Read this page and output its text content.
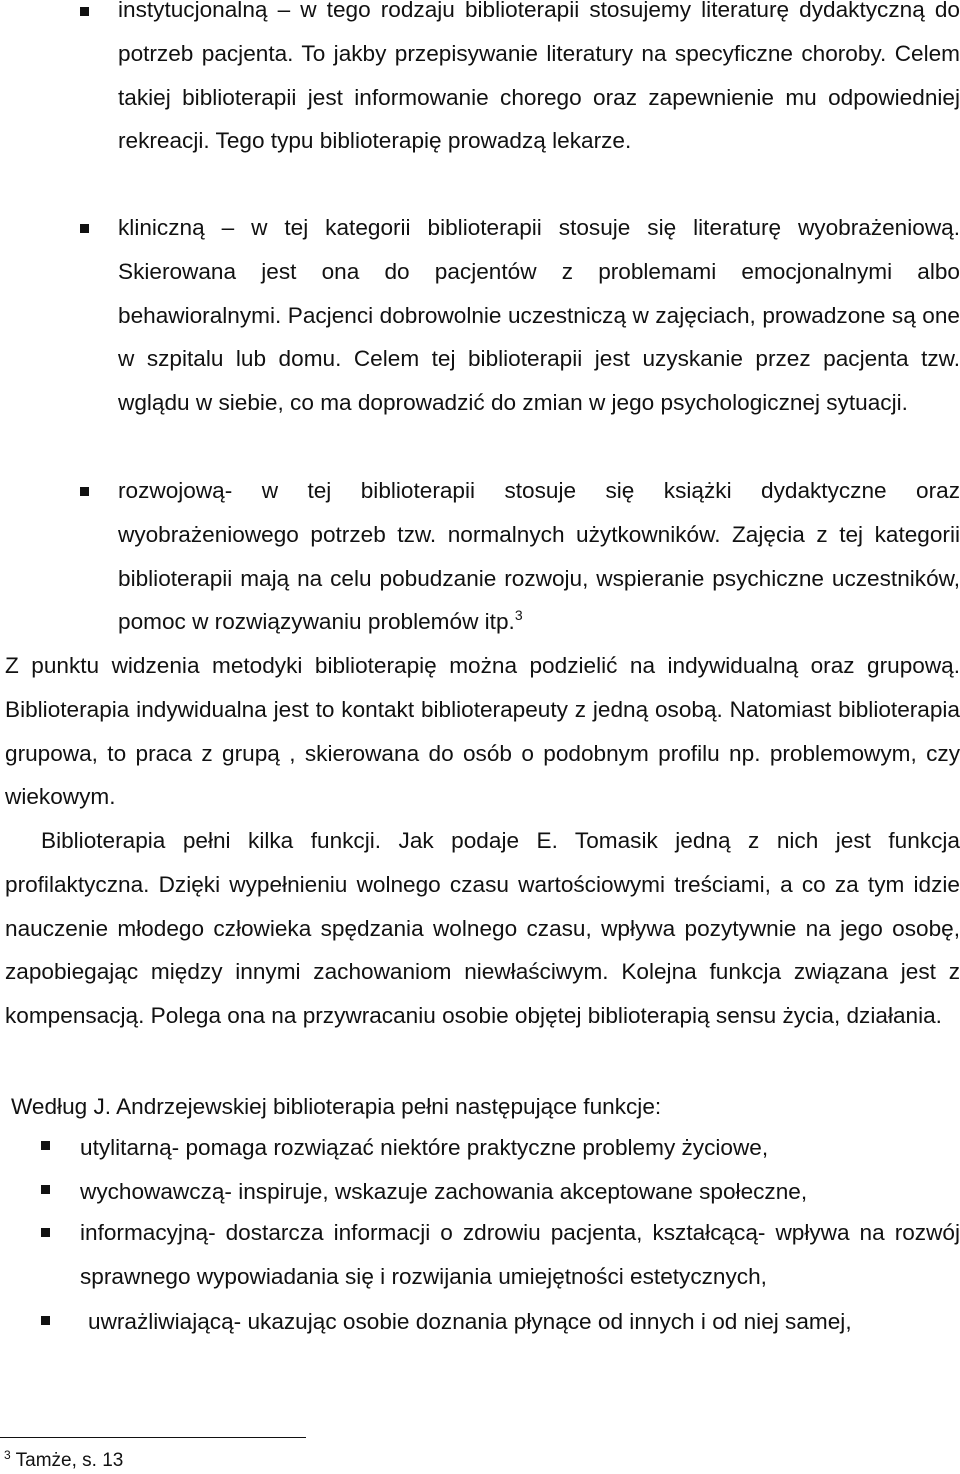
instytucjonalną – w tego rodzaju biblioterapii stosujemy literaturę dydaktyczną do potrzeb pacjenta. To jakby przepisywanie literatury na specyficzne choroby. Celem takiej biblioterapii jest informowanie chorego oraz zapewnienie mu odpowiedniej rekreacji. Tego typu biblioterapię prowadzą lekarze.

kliniczną – w tej kategorii biblioterapii stosuje się literaturę wyobrażeniową. Skierowana jest ona do pacjentów z problemami emocjonalnymi albo behawioralnymi. Pacjenci dobrowolnie uczestniczą w zajęciach, prowadzone są one w szpitalu lub domu. Celem tej biblioterapii jest uzyskanie przez pacjenta tzw. wglądu w siebie, co ma doprowadzić do zmian w jego psychologicznej sytuacji.

rozwojową- w tej biblioterapii stosuje się książki dydaktyczne oraz wyobrażeniowego potrzeb tzw. normalnych użytkowników. Zajęcia z tej kategorii biblioterapii mają na celu pobudzanie rozwoju, wspieranie psychiczne uczestników, pomoc w rozwiązywaniu problemów itp.$^3$

Z punktu widzenia metodyki biblioterapię można podzielić na indywidualną oraz grupową. Biblioterapia indywidualna jest to kontakt biblioterapeuty z jedną osobą. Natomiast biblioterapia grupowa, to praca z grupą , skierowana do osób o podobnym profilu np. problemowym, czy wiekowym.

Biblioterapia pełni kilka funkcji. Jak podaje E. Tomasik jedną z nich jest funkcja profilaktyczna. Dzięki wypełnieniu wolnego czasu wartościowymi treściami, a co za tym idzie nauczenie młodego człowieka spędzania wolnego czasu, wpływa pozytywnie na jego osobę, zapobiegając między innymi zachowaniom niewłaściwym. Kolejna funkcja związana jest z kompensacją. Polega ona na przywracaniu osobie objętej biblioterapią sensu życia, działania.

Według J. Andrzejewskiej biblioterapia pełni następujące funkcje:

utylitarną- pomaga rozwiązać niektóre praktyczne problemy życiowe,

wychowawczą- inspiruje, wskazuje zachowania akceptowane społeczne,

informacyjną- dostarcza informacji o zdrowiu pacjenta, kształcącą- wpływa na rozwój sprawnego wypowiadania się i rozwijania umiejętności estetycznych,

uwrażliwiającą- ukazując osobie doznania płynące od innych i od niej samej,

$^3$ Tamże, s. 13
